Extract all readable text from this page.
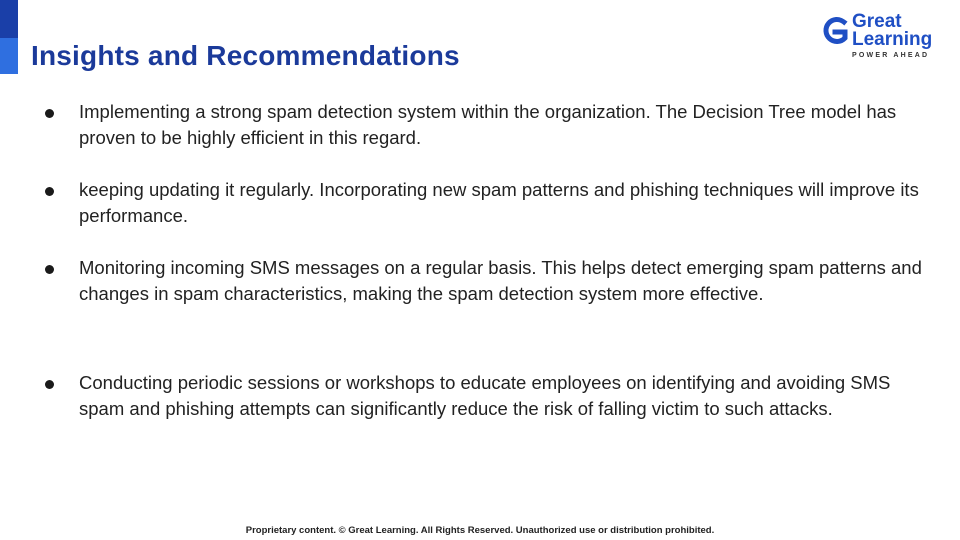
Insights and Recommendations
Great
Learning
POWER AHEAD
Implementing a strong spam detection system within the organization. The Decision Tree model has proven to be highly efficient in this regard.
keeping updating it regularly. Incorporating new spam patterns and phishing techniques will improve its performance.
Monitoring incoming SMS messages on a regular basis. This helps detect emerging spam patterns and changes in spam characteristics, making the spam detection system more effective.
Conducting periodic sessions or workshops to educate employees on identifying and avoiding SMS spam and phishing attempts can significantly reduce the risk of falling victim to such attacks.
Proprietary content. © Great Learning. All Rights Reserved. Unauthorized use or distribution prohibited.
